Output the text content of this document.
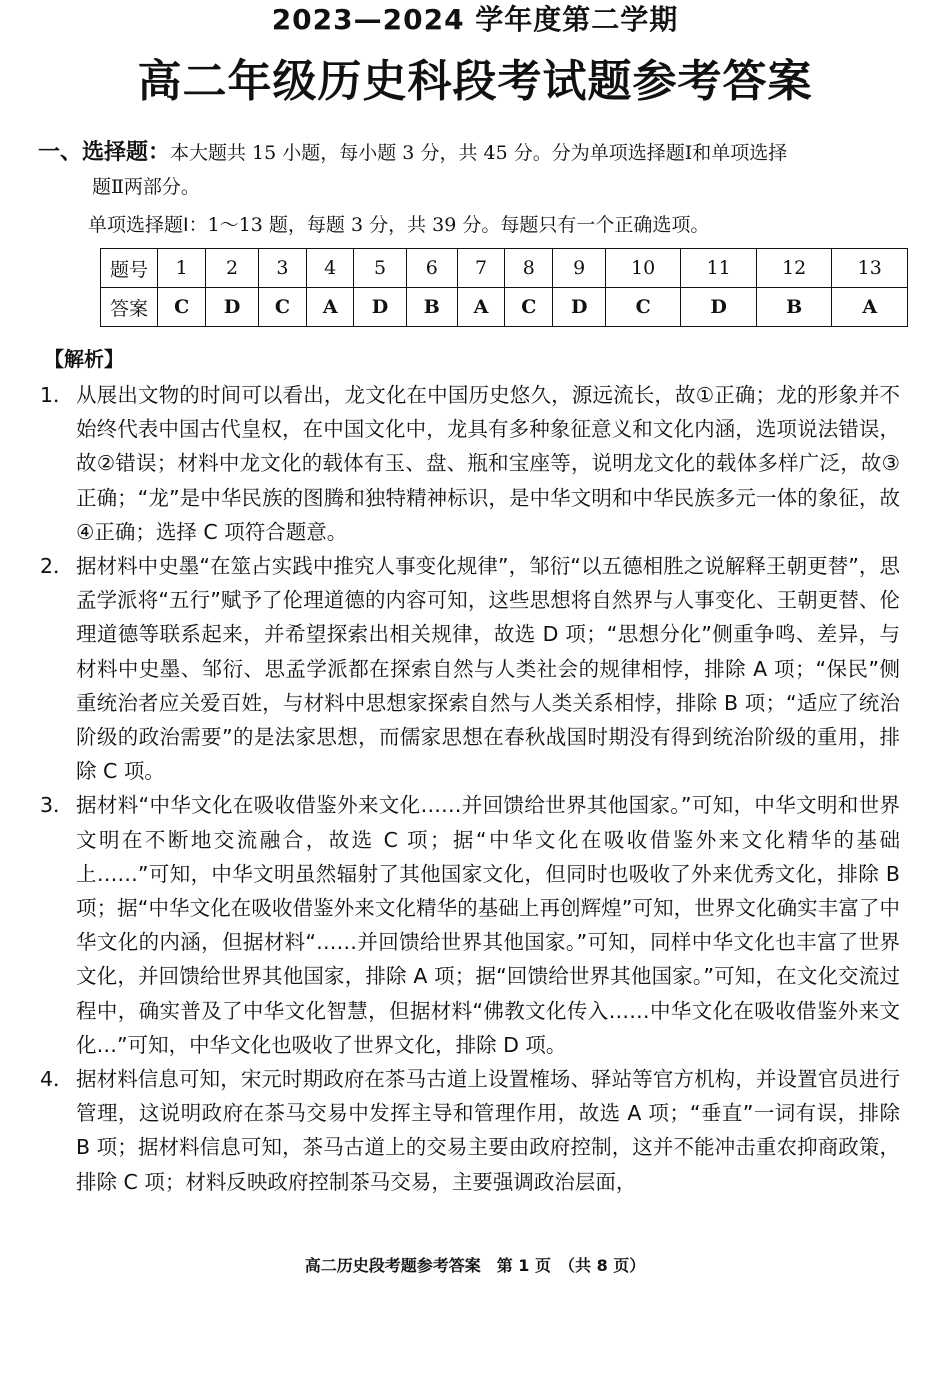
2023—2024 学年度第二学期
高二年级历史科段考试题参考答案
一、选择题：本大题共 15 小题，每小题 3 分，共 45 分。分为单项选择题Ⅰ和单项选择
题Ⅱ两部分。
单项选择题Ⅰ：1～13 题，每题 3 分，共 39 分。每题只有一个正确选项。
题号	1	2	3	4	5	6	7	8	9	10	11	12	13
答案	C	D	C	A	D	B	A	C	D	C	D	B	A
【解析】
1． 从展出文物的时间可以看出，龙文化在中国历史悠久，源远流长，故①正确；龙的形象并不始终代表中国古代皇权，在中国文化中，龙具有多种象征意义和文化内涵，选项说法错误，故②错误；材料中龙文化的载体有玉、盘、瓶和宝座等，说明龙文化的载体多样广泛，故③正确；“龙”是中华民族的图腾和独特精神标识，是中华文明和中华民族多元一体的象征，故④正确；选择 C 项符合题意。
2． 据材料中史墨“在筮占实践中推究人事变化规律”，邹衍“以五德相胜之说解释王朝更替”，思孟学派将“五行”赋予了伦理道德的内容可知，这些思想将自然界与人事变化、王朝更替、伦理道德等联系起来，并希望探索出相关规律，故选 D 项；“思想分化”侧重争鸣、差异，与材料中史墨、邹衍、思孟学派都在探索自然与人类社会的规律相悖，排除 A 项；“保民”侧重统治者应关爱百姓，与材料中思想家探索自然与人类关系相悖，排除 B 项；“适应了统治阶级的政治需要”的是法家思想，而儒家思想在春秋战国时期没有得到统治阶级的重用，排除 C 项。
3． 据材料“中华文化在吸收借鉴外来文化……并回馈给世界其他国家。”可知，中华文明和世界文明在不断地交流融合，故选 C 项；据“中华文化在吸收借鉴外来文化精华的基础上……”可知，中华文明虽然辐射了其他国家文化，但同时也吸收了外来优秀文化，排除 B 项；据“中华文化在吸收借鉴外来文化精华的基础上再创辉煌”可知，世界文化确实丰富了中华文化的内涵，但据材料“……并回馈给世界其他国家。”可知，同样中华文化也丰富了世界文化，并回馈给世界其他国家，排除 A 项；据“回馈给世界其他国家。”可知，在文化交流过程中，确实普及了中华文化智慧，但据材料“佛教文化传入……中华文化在吸收借鉴外来文化…”可知，中华文化也吸收了世界文化，排除 D 项。
4． 据材料信息可知，宋元时期政府在茶马古道上设置榷场、驿站等官方机构，并设置官员进行管理，这说明政府在茶马交易中发挥主导和管理作用，故选 A 项；“垂直”一词有误，排除 B 项；据材料信息可知，茶马古道上的交易主要由政府控制，这并不能冲击重农抑商政策，排除 C 项；材料反映政府控制茶马交易，主要强调政治层面，
高二历史段考题参考答案　第 1 页　（共 8 页）
